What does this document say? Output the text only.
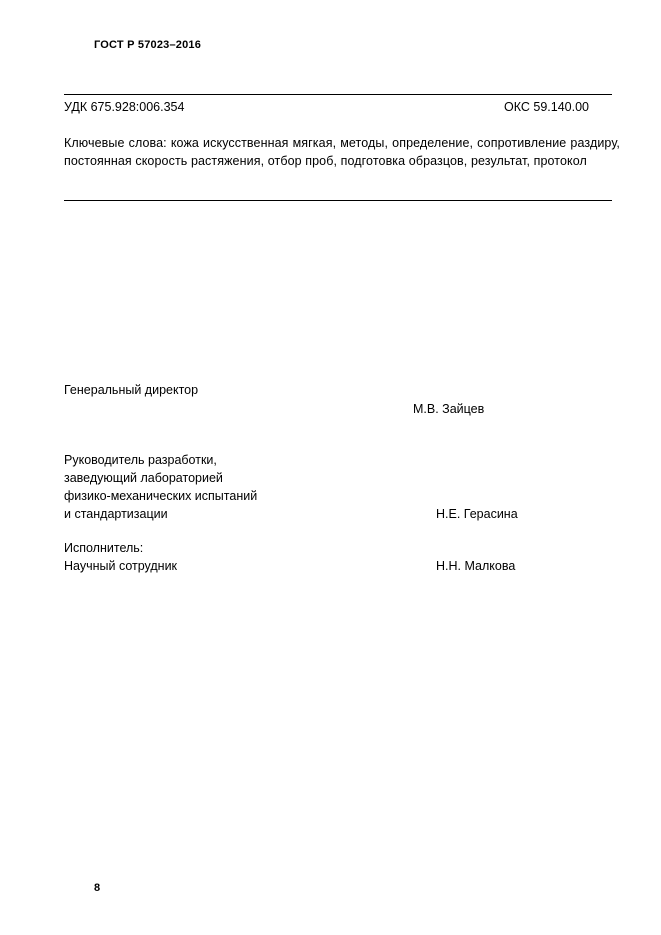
ГОСТ Р 57023–2016
УДК 675.928:006.354	ОКС 59.140.00
Ключевые слова: кожа искусственная мягкая, методы, определение, сопротивление раздиру, постоянная скорость растяжения, отбор проб, подготовка образцов, результат, протокол
Генеральный директор
М.В. Зайцев
Руководитель разработки,
заведующий лабораторией
физико-механических испытаний
и стандартизации	Н.Е. Герасина
Исполнитель:
Научный сотрудник	Н.Н. Малкова
8
